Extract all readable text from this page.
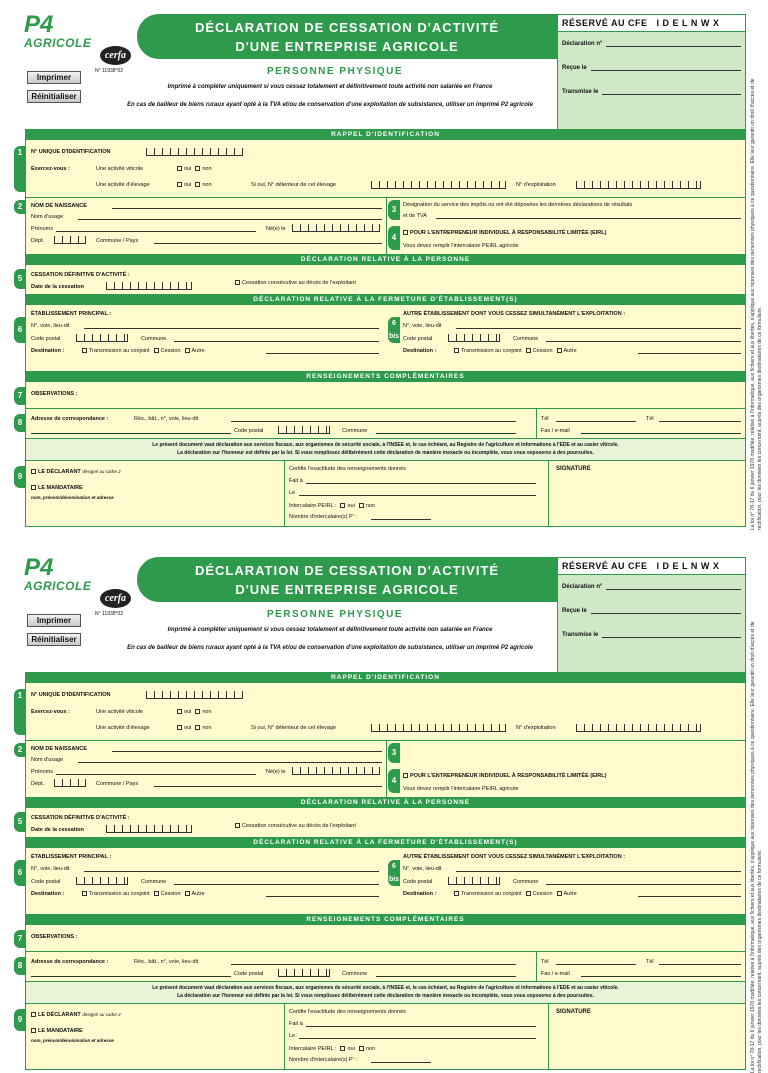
P4
AGRICOLE
cerfa
N° 11938*02
Imprimer
Réinitialiser
DÉCLARATION DE CESSATION D'ACTIVITÉ
D'UNE ENTREPRISE AGRICOLE
PERSONNE PHYSIQUE
Imprimé à compléter uniquement si vous cessez totalement et définitivement toute activité non salariée en France
En cas de bailleur de biens ruraux ayant opté à la TVA et/ou de conservation d'une exploitation de subsistance, utiliser un imprimé P2 agricole
RÉSERVÉ AU CFE I D E L N W X
Déclaration n°
Reçue le
Transmise le
RAPPEL D'IDENTIFICATION
1	N° UNIQUE D'IDENTIFICATION
Exercez-vous :	Une activité viticole	oui non
Une activité d'élevage	oui non	Si oui, N° détenteur de cet élevage	N° d'exploitation
2	NOM DE NAISSANCE
Nom d'usage
Prénoms	Né(e) le
Dépt.	Commune / Pays
3	Désignation du service des impôts où ont été déposées les dernières déclarations de résultats
et de TVA
4	POUR L'ENTREPRENEUR INDIVIDUEL À RESPONSABILITÉ LIMITÉE (EIRL)
Vous devez remplir l'intercalaire PEIRL agricole
DÉCLARATION RELATIVE À LA PERSONNE
5	CESSATION DÉFINITIVE D'ACTIVITÉ :
Date de la cessation
Cessation consécutive au décès de l'exploitant
DÉCLARATION RELATIVE À LA FERMETURE D'ÉTABLISSEMENT(S)
6
ÉTABLISSEMENT PRINCIPAL :
N°, voie, lieu-dit
Code postal	Commune
Destination :	Transmission au conjoint Cession Autre
6 bis
AUTRE ÉTABLISSEMENT DONT VOUS CESSEZ SIMULTANÉMENT L'EXPLOITATION :
N°, voie, lieu-dit
Code postal	Commune
Destination :	Transmission au conjoint Cession Autre
RENSEIGNEMENTS COMPLÉMENTAIRES
7	OBSERVATIONS :
8	Adresse de correspondance :	Rés., bât., n°, voie, lieu-dit
Code postal	Commune
Tél	Tél
Fax / e-mail
Le présent document vaut déclaration aux services fiscaux, aux organismes de sécurité sociale, à l'INSEE et, le cas échéant, au Registre de l'agriculture et informations à l'EDE et au casier viticole.
La déclaration sur l'honneur est définie par la loi. Si vous remplissez délibérément cette déclaration de manière inexacte ou incomplète, vous vous exposerez à des poursuites.
9	LE DÉCLARANT désigné au cadre 2
LE MANDATAIRE
nom, prénom/dénomination et adresse
Certifie l'exactitude des renseignements donnés
Fait à
Le
Intercalaire PEIRL : oui non
Nombre d'intercalaire(s) P' :
SIGNATURE	La loi n° 78-17 du 6 janvier 1978 modifiée, relative à l'informatique, aux fichiers et aux libertés, s'applique aux réponses des personnes physiques à ce questionnaire. Elle leur garantit un droit d'accès et de rectification, pour les données les concernant, auprès des organismes destinataires de ce formulaire.
P4
AGRICOLE
cerfa
N° 11938*02
Imprimer
Réinitialiser
DÉCLARATION DE CESSATION D'ACTIVITÉ
D'UNE ENTREPRISE AGRICOLE
PERSONNE PHYSIQUE
Imprimé à compléter uniquement si vous cessez totalement et définitivement toute activité non salariée en France
En cas de bailleur de biens ruraux ayant opté à la TVA et/ou de conservation d'une exploitation de subsistance, utiliser un imprimé P2 agricole
RÉSERVÉ AU CFE I D E L N W X
Déclaration n°
Reçue le
Transmise le
RAPPEL D'IDENTIFICATION
1	N° UNIQUE D'IDENTIFICATION
Exercez-vous :	Une activité viticole	oui non
Une activité d'élevage	oui non	Si oui, N° détenteur de cet élevage	N° d'exploitation
2	NOM DE NAISSANCE
Nom d'usage
Prénoms	Né(e) le
Dépt.	Commune / Pays
3
4	POUR L'ENTREPRENEUR INDIVIDUEL À RESPONSABILITÉ LIMITÉE (EIRL)
Vous devez remplir l'intercalaire PEIRL agricole
DÉCLARATION RELATIVE À LA PERSONNE
5	CESSATION DÉFINITIVE D'ACTIVITÉ :
Date de la cessation
Cessation consécutive au décès de l'exploitant
DÉCLARATION RELATIVE À LA FERMETURE D'ÉTABLISSEMENT(S)
6
ÉTABLISSEMENT PRINCIPAL :
N°, voie, lieu-dit
Code postal	Commune
Destination :	Transmission au conjoint Cession Autre
6 bis
AUTRE ÉTABLISSEMENT DONT VOUS CESSEZ SIMULTANÉMENT L'EXPLOITATION :
N°, voie, lieu-dit
Code postal	Commune
Destination :	Transmission au conjoint Cession Autre
RENSEIGNEMENTS COMPLÉMENTAIRES
7	OBSERVATIONS :
8	Adresse de correspondance :	Rés., bât., n°, voie, lieu-dit
Code postal	Commune
Tél	Tél
Fax / e-mail
Le présent document vaut déclaration aux services fiscaux, aux organismes de sécurité sociale, à l'INSEE et, le cas échéant, au Registre de l'agriculture et informations à l'EDE et au casier viticole.
La déclaration sur l'honneur est définie par la loi. Si vous remplissez délibérément cette déclaration de manière inexacte ou incomplète, vous vous exposerez à des poursuites.
9	LE DÉCLARANT désigné au cadre 2
LE MANDATAIRE
nom, prénom/dénomination et adresse
Certifie l'exactitude des renseignements donnés
Fait à
Le
Intercalaire PEIRL : oui non
Nombre d'intercalaire(s) P' :
SIGNATURE	La loi n° 78-17 du 6 janvier 1978 modifiée, relative à l'informatique, aux fichiers et aux libertés, s'applique aux réponses des personnes physiques à ce questionnaire. Elle leur garantit un droit d'accès et de rectification, pour les données les concernant, auprès des organismes destinataires de ce formulaire.
